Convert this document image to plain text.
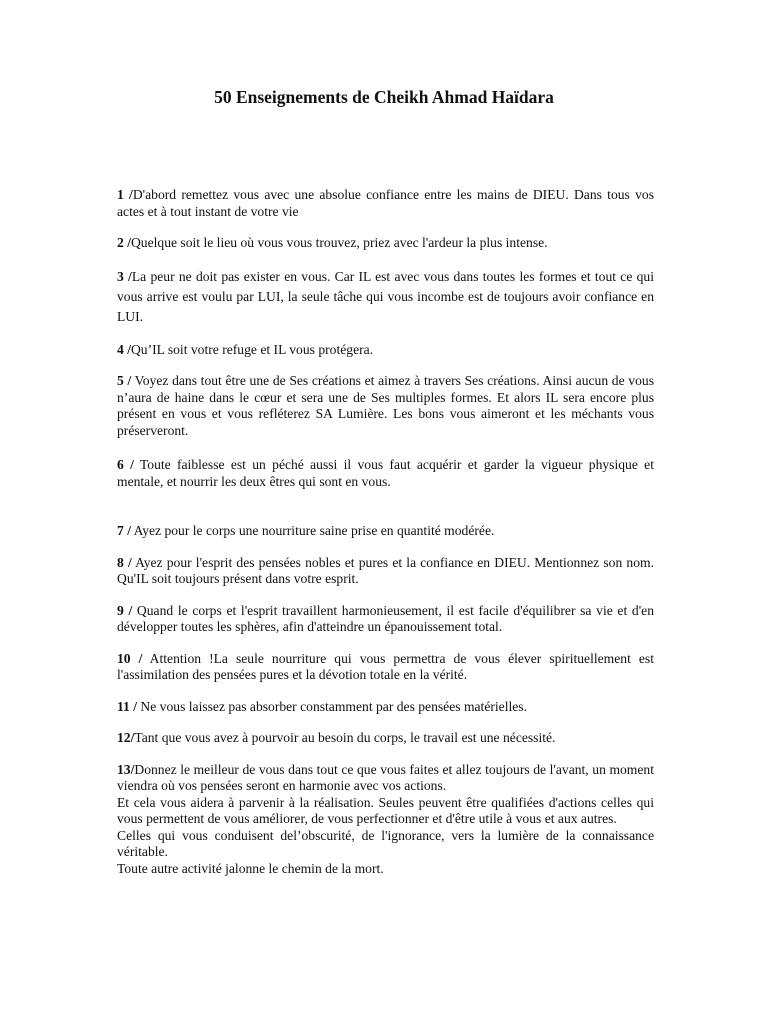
50 Enseignements de Cheikh Ahmad Haïdara
1 /D'abord remettez vous avec une absolue confiance entre les mains de DIEU. Dans tous vos actes et à tout instant de votre vie
2 /Quelque soit le lieu où vous vous trouvez, priez avec l'ardeur la plus intense.
3 /La peur ne doit pas exister en vous. Car IL est avec vous dans toutes les formes et tout ce qui vous arrive est voulu par LUI, la seule tâche qui vous incombe est de toujours avoir confiance en LUI.
4 /Qu’IL soit votre refuge et IL vous protégera.
5 / Voyez dans tout être une de Ses créations et aimez à travers Ses créations. Ainsi aucun de vous n’aura de haine dans le cœur et sera une de Ses multiples formes. Et alors IL sera encore plus présent en vous et vous refléterez SA Lumière. Les bons vous aimeront et les méchants vous préserveront.
6 / Toute faiblesse est un péché aussi il vous faut acquérir et garder la vigueur physique et mentale, et nourrir les deux êtres qui sont en vous.
7 / Ayez pour le corps une nourriture saine prise en quantité modérée.
8 / Ayez pour l'esprit des pensées nobles et pures et la confiance en DIEU. Mentionnez son nom. Qu'IL soit toujours présent dans votre esprit.
9 / Quand le corps et l'esprit travaillent harmonieusement, il est facile d'équilibrer sa vie et d'en développer toutes les sphères, afin d'atteindre un épanouissement total.
10 / Attention !La seule nourriture qui vous permettra de vous élever spirituellement est l'assimilation des pensées pures et la dévotion totale en la vérité.
11 / Ne vous laissez pas absorber constamment par des pensées matérielles.
12/Tant que vous avez à pourvoir au besoin du corps, le travail est une nécessité.

13/Donnez le meilleur de vous dans tout ce que vous faites et allez toujours de l'avant, un moment viendra où vos pensées seront en harmonie avec vos actions.

Et cela vous aidera à parvenir à la réalisation. Seules peuvent être qualifiées d'actions celles qui vous permettent de vous améliorer, de vous perfectionner et d'être utile à vous et aux autres.

Celles qui vous conduisent del’obscurité, de l'ignorance, vers la lumière de la connaissance véritable.

Toute autre activité jalonne le chemin de la mort.
